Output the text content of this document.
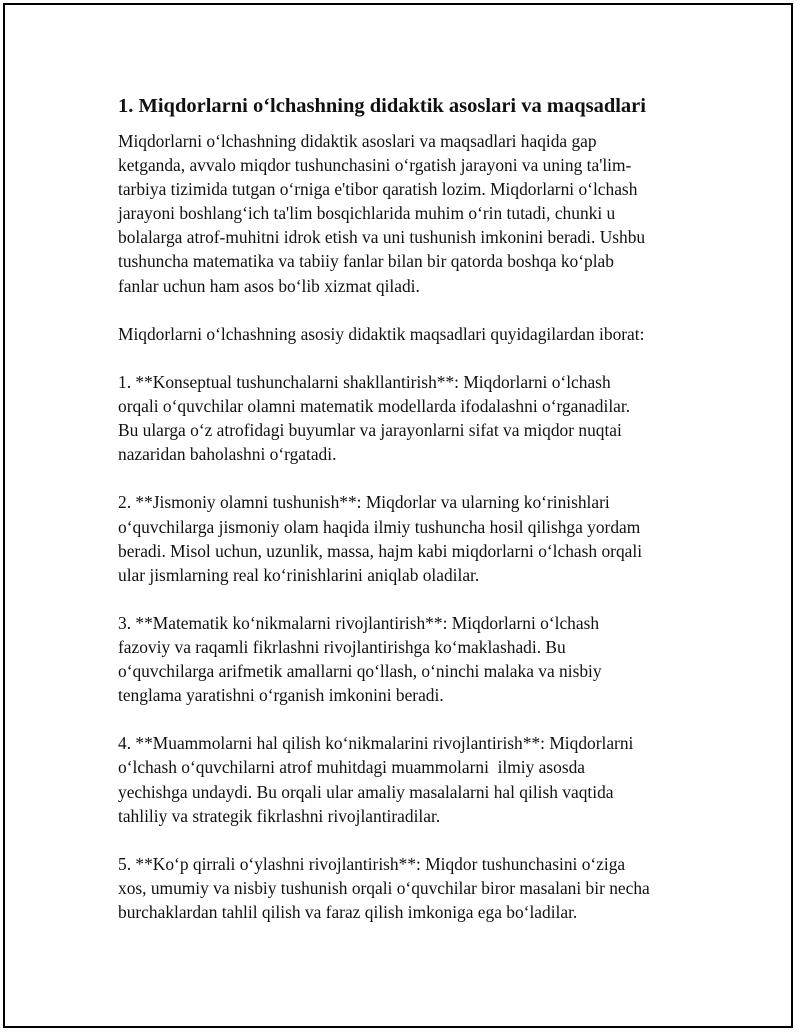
1. Miqdorlarni o‘lchashning didaktik asoslari va maqsadlari

Miqdorlarni o‘lchashning didaktik asoslari va maqsadlari haqida gap
ketganda, avvalo miqdor tushunchasini o‘rgatish jarayoni va uning ta'lim-
tarbiya tizimida tutgan o‘rniga e'tibor qaratish lozim. Miqdorlarni o‘lchash
jarayoni boshlang‘ich ta'lim bosqichlarida muhim o‘rin tutadi, chunki u
bolalarga atrof-muhitni idrok etish va uni tushunish imkonini beradi. Ushbu
tushuncha matematika va tabiiy fanlar bilan bir qatorda boshqa ko‘plab
fanlar uchun ham asos bo‘lib xizmat qiladi.

Miqdorlarni o‘lchashning asosiy didaktik maqsadlari quyidagilardan iborat:

1. **Konseptual tushunchalarni shakllantirish**: Miqdorlarni o‘lchash
orqali o‘quvchilar olamni matematik modellarda ifodalashni o‘rganadilar.
Bu ularga o‘z atrofidagi buyumlar va jarayonlarni sifat va miqdor nuqtai
nazaridan baholashni o‘rgatadi.

2. **Jismoniy olamni tushunish**: Miqdorlar va ularning ko‘rinishlari
o‘quvchilarga jismoniy olam haqida ilmiy tushuncha hosil qilishga yordam
beradi. Misol uchun, uzunlik, massa, hajm kabi miqdorlarni o‘lchash orqali
ular jismlarning real ko‘rinishlarini aniqlab oladilar.

3. **Matematik ko‘nikmalarni rivojlantirish**: Miqdorlarni o‘lchash
fazoviy va raqamli fikrlashni rivojlantirishga ko‘maklashadi. Bu
o‘quvchilarga arifmetik amallarni qo‘llash, o‘ninchi malaka va nisbiy
tenglama yaratishni o‘rganish imkonini beradi.

4. **Muammolarni hal qilish ko‘nikmalarini rivojlantirish**: Miqdorlarni
o‘lchash o‘quvchilarni atrof muhitdagi muammolarni  ilmiy asosda
yechishga undaydi. Bu orqali ular amaliy masalalarni hal qilish vaqtida
tahliliy va strategik fikrlashni rivojlantiradilar.

5. **Ko‘p qirrali o‘ylashni rivojlantirish**: Miqdor tushunchasini o‘ziga
xos, umumiy va nisbiy tushunish orqali o‘quvchilar biror masalani bir necha
burchaklardan tahlil qilish va faraz qilish imkoniga ega bo‘ladilar.
